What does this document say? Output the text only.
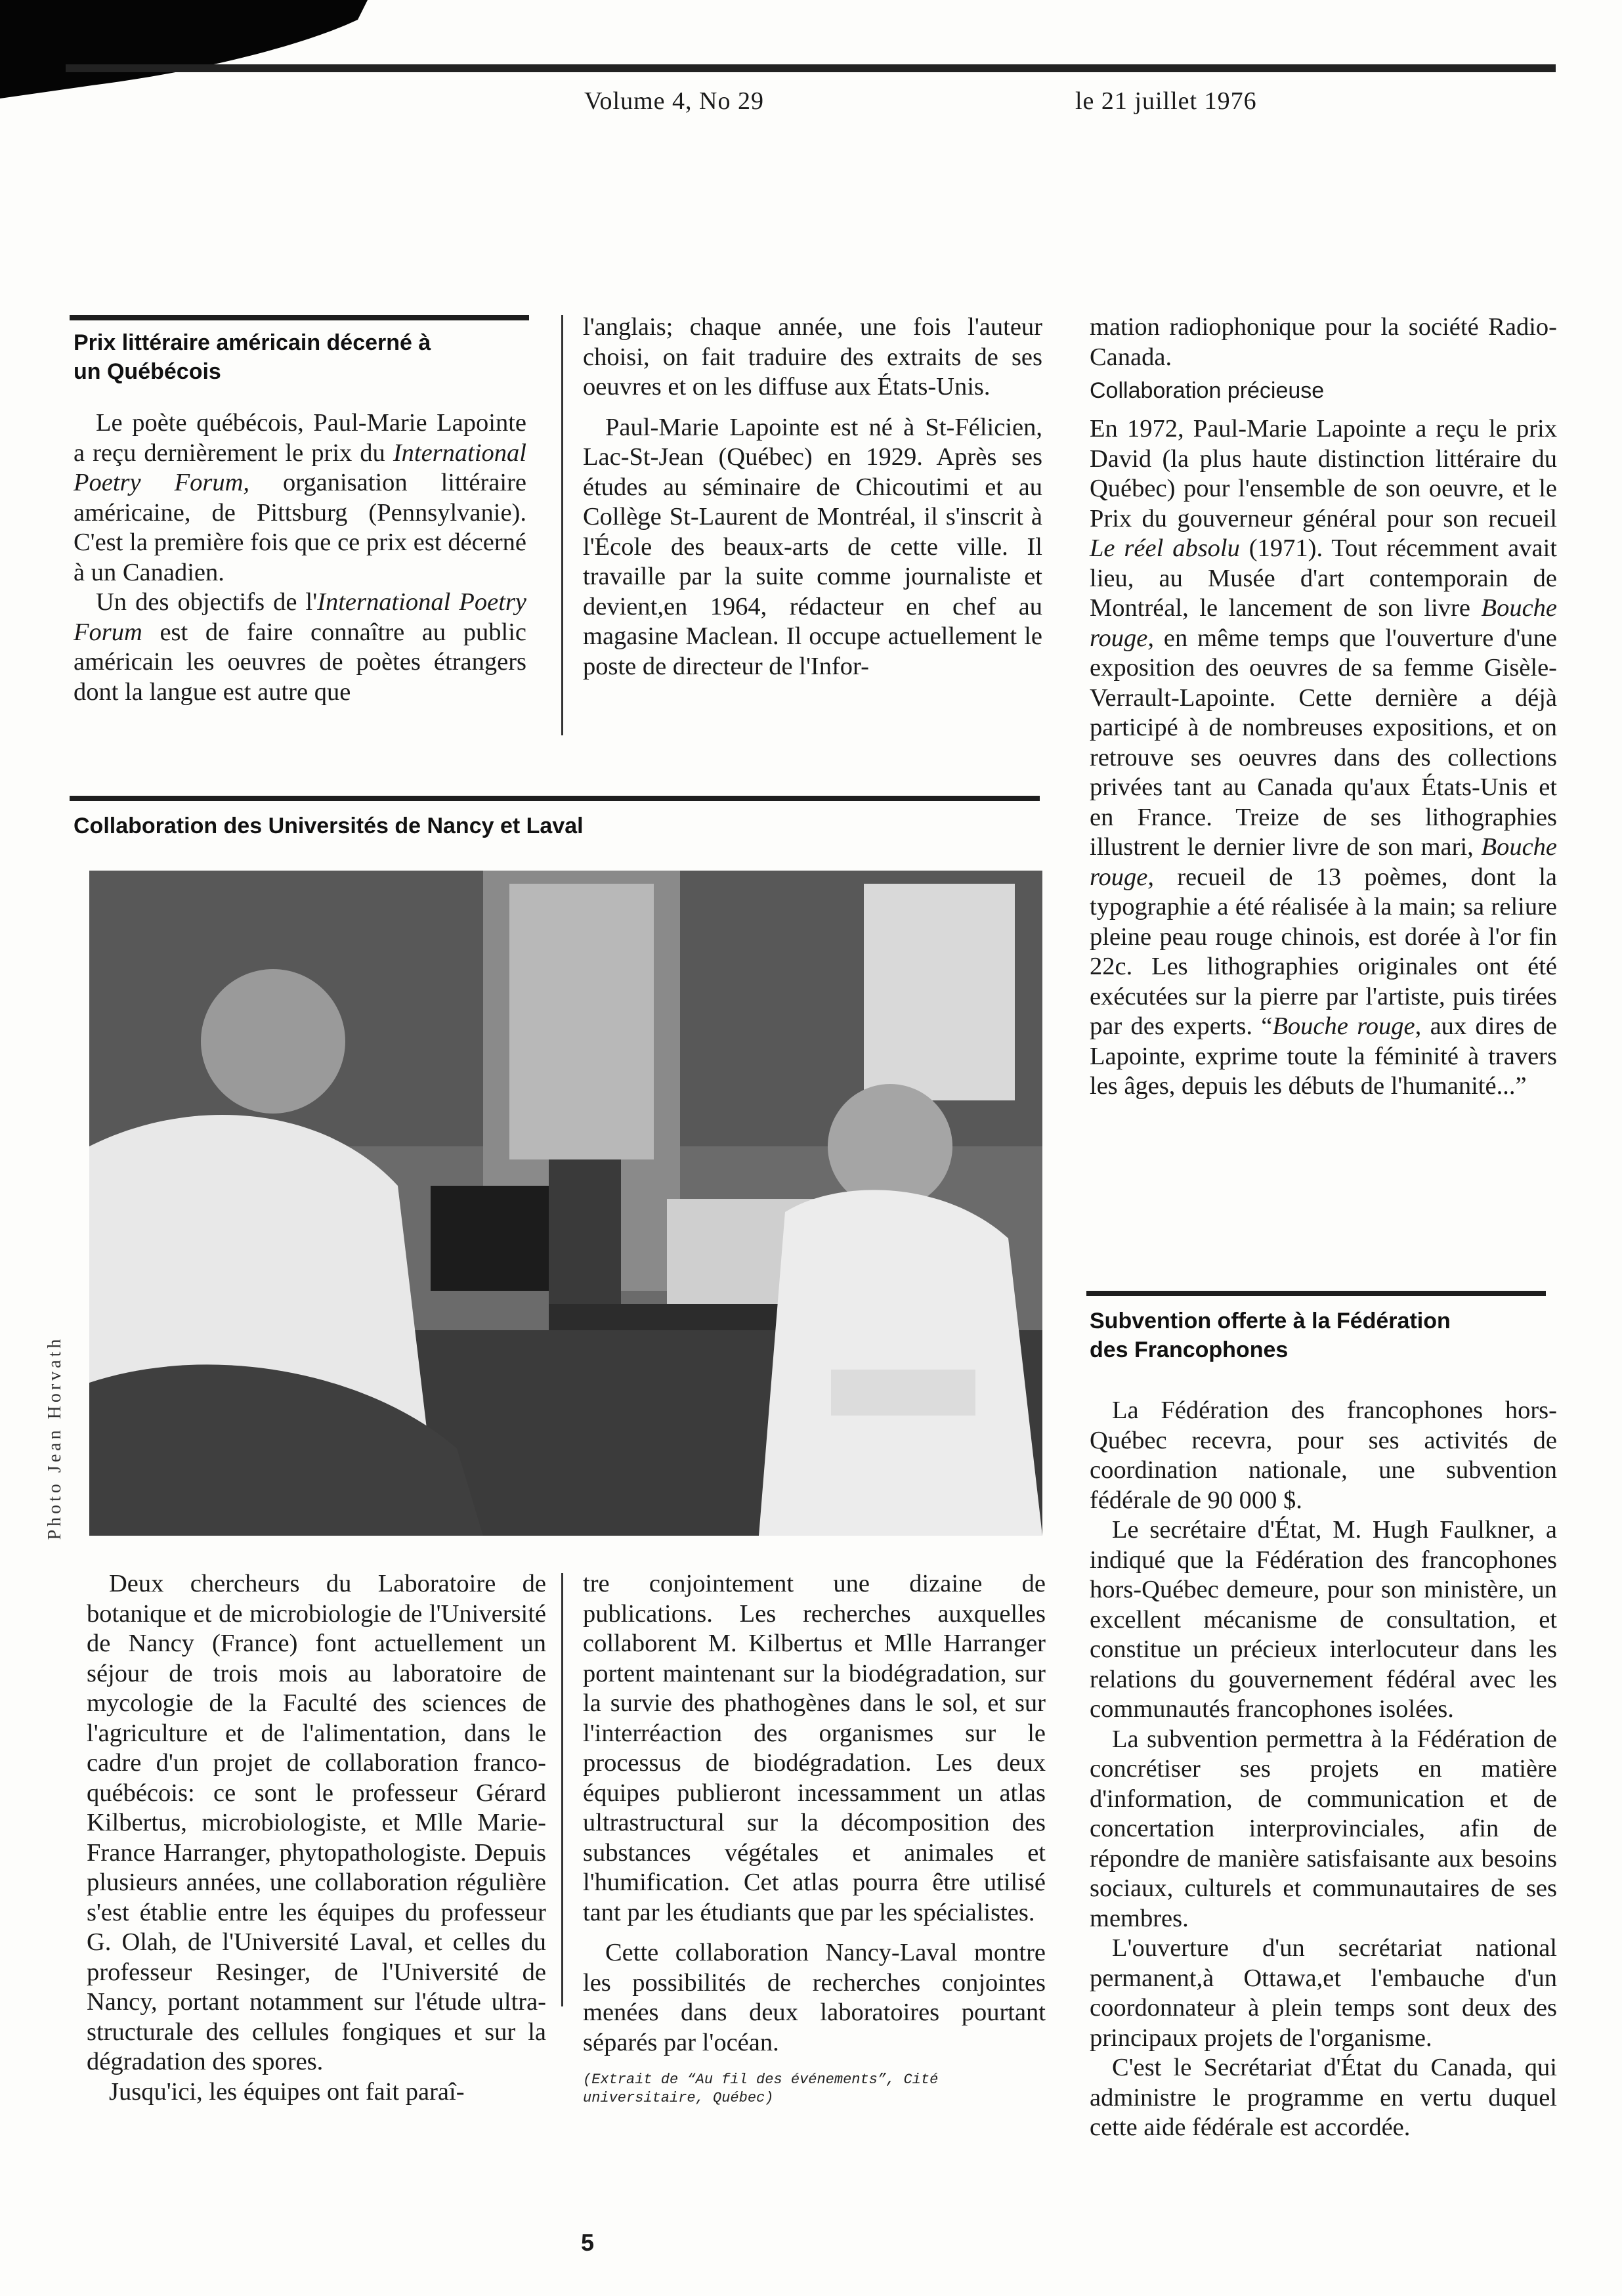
Volume 4, No 29	le 21 juillet 1976
Prix littéraire américain décerné à
un Québécois

Le poète québécois, Paul-Marie Lapointe a reçu dernièrement le prix du International Poetry Forum, organisation littéraire américaine, de Pittsburg (Pennsylvanie). C'est la première fois que ce prix est décerné à un Canadien.

Un des objectifs de l'International Poetry Forum est de faire connaître au public américain les oeuvres de poètes étrangers dont la langue est autre que

l'anglais; chaque année, une fois l'auteur choisi, on fait traduire des extraits de ses oeuvres et on les diffuse aux États-Unis.

Paul-Marie Lapointe est né à St-Félicien, Lac-St-Jean (Québec) en 1929. Après ses études au séminaire de Chicoutimi et au Collège St-Laurent de Montréal, il s'inscrit à l'École des beaux-arts de cette ville. Il travaille par la suite comme journaliste et devient,en 1964, rédacteur en chef au magasine Maclean. Il occupe actuellement le poste de directeur de l'Infor-

mation radiophonique pour la société Radio-Canada.

Collaboration précieuse

En 1972, Paul-Marie Lapointe a reçu le prix David (la plus haute distinction littéraire du Québec) pour l'ensemble de son oeuvre, et le Prix du gouverneur général pour son recueil Le réel absolu (1971). Tout récemment avait lieu, au Musée d'art contemporain de Montréal, le lancement de son livre Bouche rouge, en même temps que l'ouverture d'une exposition des oeuvres de sa femme Gisèle-Verrault-Lapointe. Cette dernière a déjà participé à de nombreuses expositions, et on retrouve ses oeuvres dans des collections privées tant au Canada qu'aux États-Unis et en France. Treize de ses lithographies illustrent le dernier livre de son mari, Bouche rouge, recueil de 13 poèmes, dont la typographie a été réalisée à la main; sa reliure pleine peau rouge chinois, est dorée à l'or fin 22c. Les lithographies originales ont été exécutées sur la pierre par l'artiste, puis tirées par des experts. “Bouche rouge, aux dires de Lapointe, exprime toute la féminité à travers les âges, depuis les débuts de l'humanité...”

Collaboration des Universités de Nancy et Laval
Photo Jean Horvath

Deux chercheurs du Laboratoire de botanique et de microbiologie de l'Université de Nancy (France) font actuellement un séjour de trois mois au laboratoire de mycologie de la Faculté des sciences de l'agriculture et de l'alimentation, dans le cadre d'un projet de collaboration franco-québécois: ce sont le professeur Gérard Kilbertus, microbiologiste, et Mlle Marie-France Harranger, phytopathologiste. Depuis plusieurs années, une collaboration régulière s'est établie entre les équipes du professeur G. Olah, de l'Université Laval, et celles du professeur Resinger, de l'Université de Nancy, portant notamment sur l'étude ultra-structurale des cellules fongiques et sur la dégradation des spores.

Jusqu'ici, les équipes ont fait paraî-

tre conjointement une dizaine de publications. Les recherches auxquelles collaborent M. Kilbertus et Mlle Harranger portent maintenant sur la biodégradation, sur la survie des phathogènes dans le sol, et sur l'interréaction des organismes sur le processus de biodégradation. Les deux équipes publieront incessamment un atlas ultrastructural sur la décomposition des substances végétales et animales et l'humification. Cet atlas pourra être utilisé tant par les étudiants que par les spécialistes.

Cette collaboration Nancy-Laval montre les possibilités de recherches conjointes menées dans deux laboratoires pourtant séparés par l'océan.

(Extrait de “Au fil des événements”, Cité universitaire, Québec)

Subvention offerte à la Fédération
des Francophones

La Fédération des francophones hors-Québec recevra, pour ses activités de coordination nationale, une subvention fédérale de 90 000 $.

Le secrétaire d'État, M. Hugh Faulkner, a indiqué que la Fédération des francophones hors-Québec demeure, pour son ministère, un excellent mécanisme de consultation, et constitue un précieux interlocuteur dans les relations du gouvernement fédéral avec les communautés francophones isolées.

La subvention permettra à la Fédération de concrétiser ses projets en matière d'information, de communication et de concertation interprovinciales, afin de répondre de manière satisfaisante aux besoins sociaux, culturels et communautaires de ses membres.

L'ouverture d'un secrétariat national permanent,à Ottawa,et l'embauche d'un coordonnateur à plein temps sont deux des principaux projets de l'organisme.

C'est le Secrétariat d'État du Canada, qui administre le programme en vertu duquel cette aide fédérale est accordée.

5
